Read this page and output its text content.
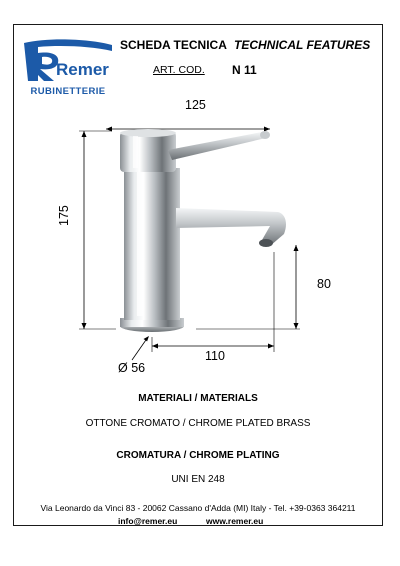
Remer
RUBINETTERIE
SCHEDA TECNICA TECHNICAL FEATURES
ART. COD. N 11
125
175
80
110
Ø 56
MATERIALI / MATERIALS
OTTONE CROMATO / CHROME PLATED BRASS
CROMATURA / CHROME PLATING
UNI EN 248
Via Leonardo da Vinci 83 - 20062 Cassano d'Adda (MI) Italy - Tel. +39-0363 364211
info@remer.eu	www.remer.eu
